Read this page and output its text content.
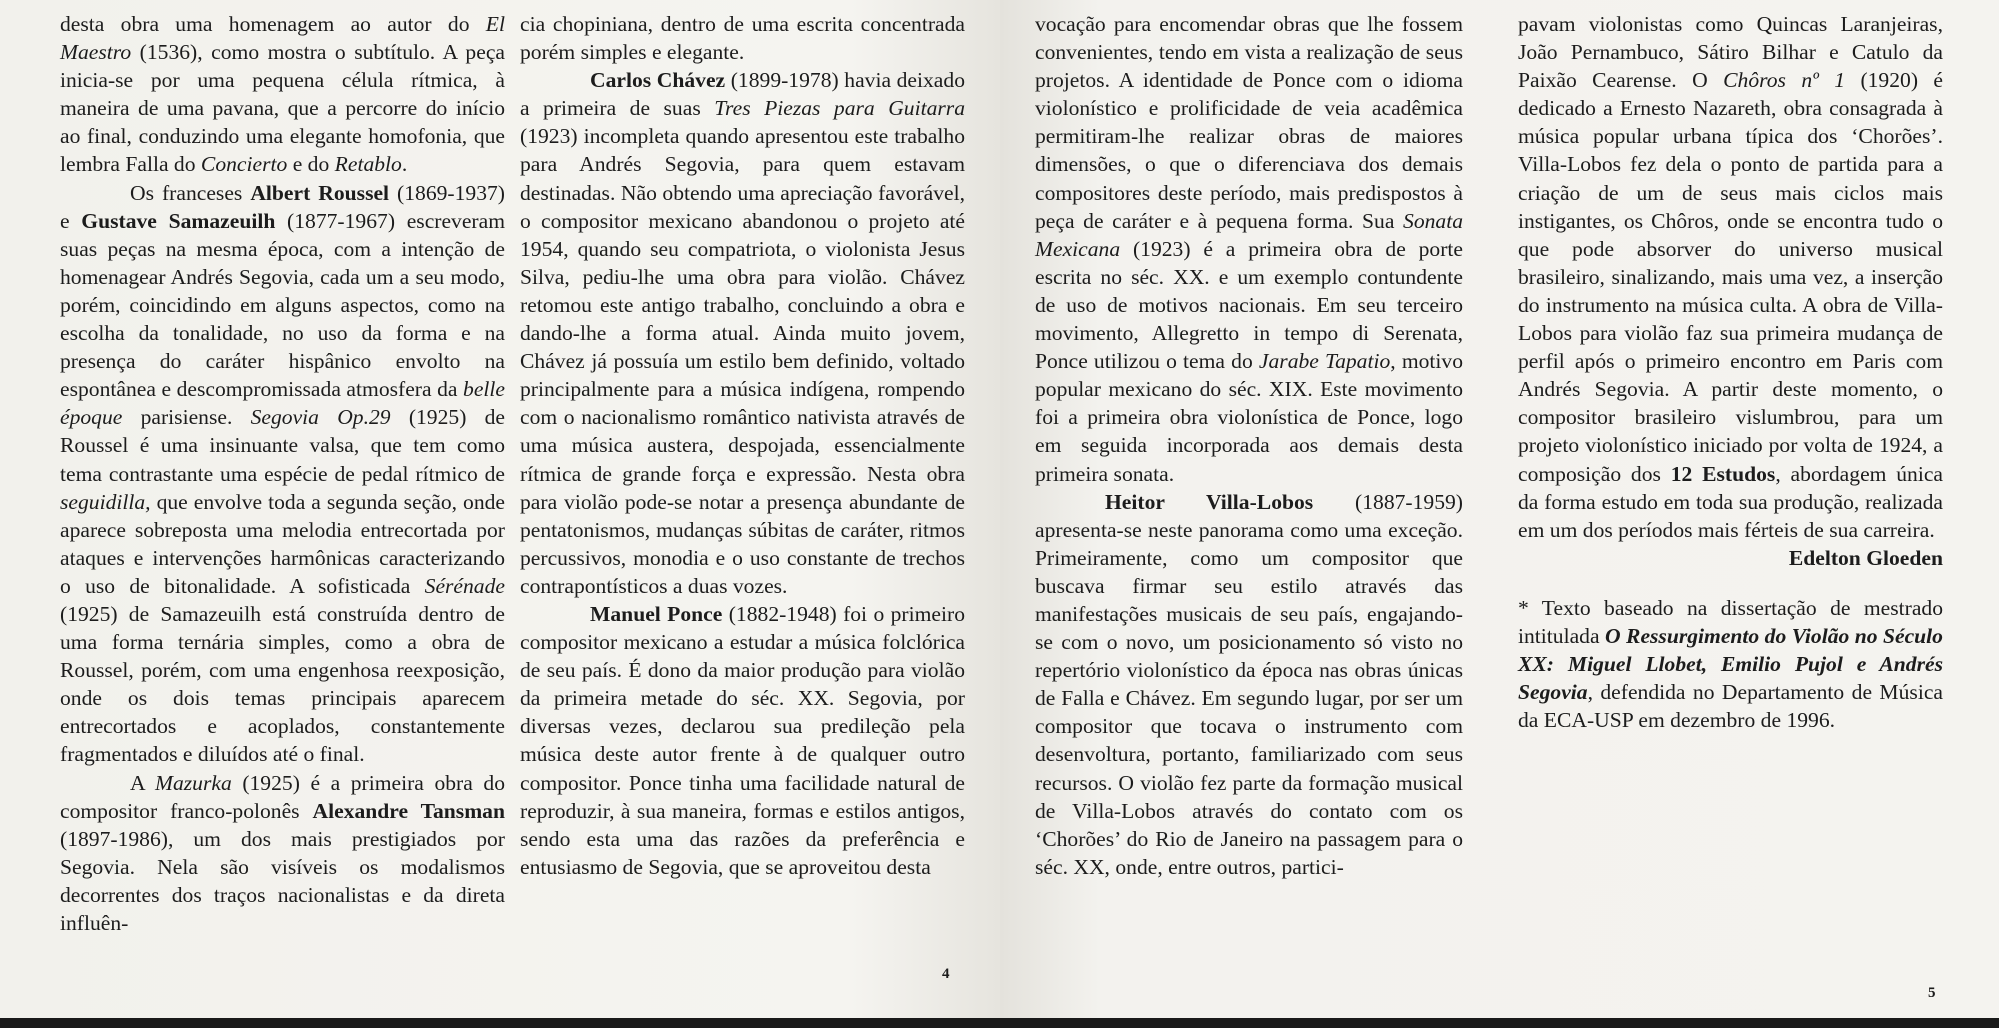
desta obra uma homenagem ao autor do El Maestro (1536), como mostra o subtítulo. A peça inicia-se por uma pequena célula rítmica, à maneira de uma pavana, que a percorre do início ao final, conduzindo uma elegante homofonia, que lembra Falla do Concierto e do Retablo.

Os franceses Albert Roussel (1869-1937) e Gustave Samazeuilh (1877-1967) escreveram suas peças na mesma época, com a intenção de homenagear Andrés Segovia, cada um a seu modo, porém, coincidindo em alguns aspectos, como na escolha da tonalidade, no uso da forma e na presença do caráter hispânico envolto na espontânea e descompromissada atmosfera da belle époque parisiense. Segovia Op.29 (1925) de Roussel é uma insinuante valsa, que tem como tema contrastante uma espécie de pedal rítmico de seguidilla, que envolve toda a segunda seção, onde aparece sobreposta uma melodia entrecortada por ataques e intervenções harmônicas caracterizando o uso de bitonalidade. A sofisticada Sérénade (1925) de Samazeuilh está construída dentro de uma forma ternária simples, como a obra de Roussel, porém, com uma engenhosa reexposição, onde os dois temas principais aparecem entrecortados e acoplados, constantemente fragmentados e diluídos até o final.

A Mazurka (1925) é a primeira obra do compositor franco-polonês Alexandre Tansman (1897-1986), um dos mais prestigiados por Segovia. Nela são visíveis os modalismos decorrentes dos traços nacionalistas e da direta influên-

cia chopiniana, dentro de uma escrita concentrada porém simples e elegante.

Carlos Chávez (1899-1978) havia deixado a primeira de suas Tres Piezas para Guitarra (1923) incompleta quando apresentou este trabalho para Andrés Segovia, para quem estavam destinadas. Não obtendo uma apreciação favorável, o compositor mexicano abandonou o projeto até 1954, quando seu compatriota, o violonista Jesus Silva, pediu-lhe uma obra para violão. Chávez retomou este antigo trabalho, concluindo a obra e dando-lhe a forma atual. Ainda muito jovem, Chávez já possuía um estilo bem definido, voltado principalmente para a música indígena, rompendo com o nacionalismo romântico nativista através de uma música austera, despojada, essencialmente rítmica de grande força e expressão. Nesta obra para violão pode-se notar a presença abundante de pentatonismos, mudanças súbitas de caráter, ritmos percussivos, monodia e o uso constante de trechos contrapontísticos a duas vozes.

Manuel Ponce (1882-1948) foi o primeiro compositor mexicano a estudar a música folclórica de seu país. É dono da maior produção para violão da primeira metade do séc. XX. Segovia, por diversas vezes, declarou sua predileção pela música deste autor frente à de qualquer outro compositor. Ponce tinha uma facilidade natural de reproduzir, à sua maneira, formas e estilos antigos, sendo esta uma das razões da preferência e entusiasmo de Segovia, que se aproveitou desta

4

vocação para encomendar obras que lhe fossem convenientes, tendo em vista a realização de seus projetos. A identidade de Ponce com o idioma violonístico e prolificidade de veia acadêmica permitiram-lhe realizar obras de maiores dimensões, o que o diferenciava dos demais compositores deste período, mais predispostos à peça de caráter e à pequena forma. Sua Sonata Mexicana (1923) é a primeira obra de porte escrita no séc. XX. e um exemplo contundente de uso de motivos nacionais. Em seu terceiro movimento, Allegretto in tempo di Serenata, Ponce utilizou o tema do Jarabe Tapatio, motivo popular mexicano do séc. XIX. Este movimento foi a primeira obra violonística de Ponce, logo em seguida incorporada aos demais desta primeira sonata.

Heitor Villa-Lobos (1887-1959) apresenta-se neste panorama como uma exceção. Primeiramente, como um compositor que buscava firmar seu estilo através das manifestações musicais de seu país, engajando-se com o novo, um posicionamento só visto no repertório violonístico da época nas obras únicas de Falla e Chávez. Em segundo lugar, por ser um compositor que tocava o instrumento com desenvoltura, portanto, familiarizado com seus recursos. O violão fez parte da formação musical de Villa-Lobos através do contato com os ‘Chorões’ do Rio de Janeiro na passagem para o séc. XX, onde, entre outros, partici-

pavam violonistas como Quincas Laranjeiras, João Pernambuco, Sátiro Bilhar e Catulo da Paixão Cearense. O Chôros nº 1 (1920) é dedicado a Ernesto Nazareth, obra consagrada à música popular urbana típica dos ‘Chorões’. Villa-Lobos fez dela o ponto de partida para a criação de um de seus mais ciclos mais instigantes, os Chôros, onde se encontra tudo o que pode absorver do universo musical brasileiro, sinalizando, mais uma vez, a inserção do instrumento na música culta. A obra de Villa-Lobos para violão faz sua primeira mudança de perfil após o primeiro encontro em Paris com Andrés Segovia. A partir deste momento, o compositor brasileiro vislumbrou, para um projeto violonístico iniciado por volta de 1924, a composição dos 12 Estudos, abordagem única da forma estudo em toda sua produção, realizada em um dos períodos mais férteis de sua carreira.

Edelton Gloeden

* Texto baseado na dissertação de mestrado intitulada O Ressurgimento do Violão no Século XX: Miguel Llobet, Emilio Pujol e Andrés Segovia, defendida no Departamento de Música da ECA-USP em dezembro de 1996.

5
